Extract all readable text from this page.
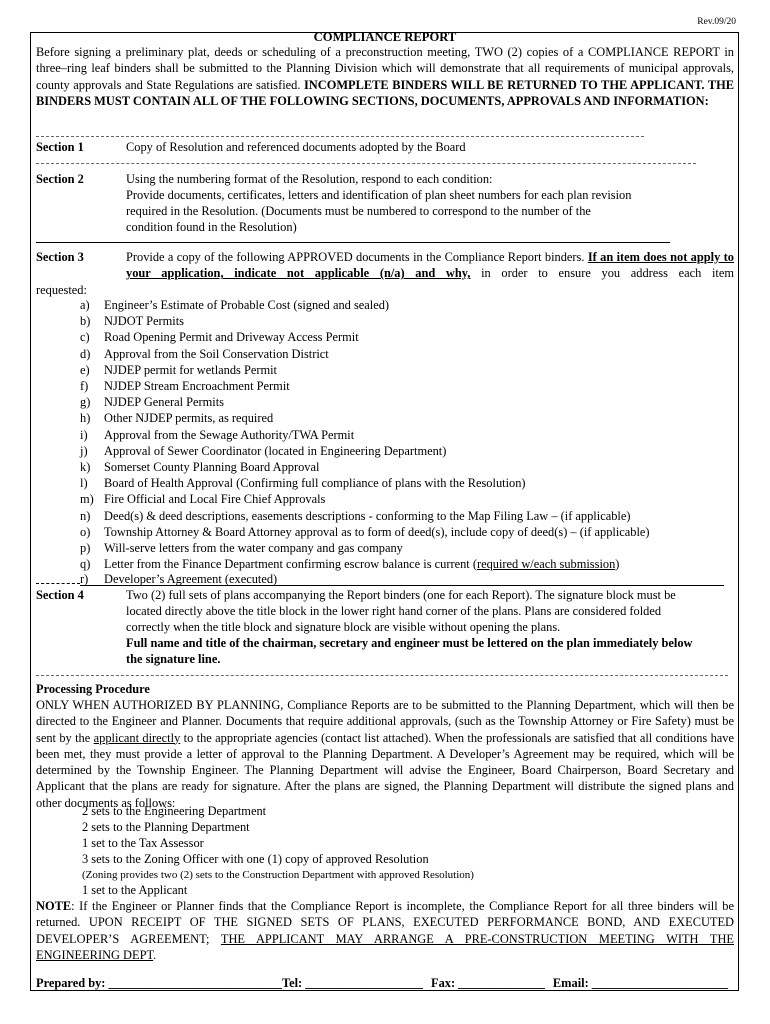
Rev.09/20
COMPLIANCE REPORT
Before signing a preliminary plat, deeds or scheduling of a preconstruction meeting, TWO (2) copies of a COMPLIANCE REPORT in three–ring leaf binders shall be submitted to the Planning Division which will demonstrate that all requirements of municipal approvals, county approvals and State Regulations are satisfied. INCOMPLETE BINDERS WILL BE RETURNED TO THE APPLICANT. THE BINDERS MUST CONTAIN ALL OF THE FOLLOWING SECTIONS, DOCUMENTS, APPROVALS AND INFORMATION:
Section 1	Copy of Resolution and referenced documents adopted by the Board
Section 2	Using the numbering format of the Resolution, respond to each condition:
Provide documents, certificates, letters and identification of plan sheet numbers for each plan revision
required in the Resolution. (Documents must be numbered to correspond to the number of the
condition found in the Resolution)
Section 3	Provide a copy of the following APPROVED documents in the Compliance Report binders. If an item does not apply to your application, indicate not applicable (n/a) and why, in order to ensure you address each item
requested:
a) Engineer’s Estimate of Probable Cost (signed and sealed)
b) NJDOT Permits
c) Road Opening Permit and Driveway Access Permit
d) Approval from the Soil Conservation District
e) NJDEP permit for wetlands Permit
f) NJDEP Stream Encroachment Permit
g) NJDEP General Permits
h) Other NJDEP permits, as required
i) Approval from the Sewage Authority/TWA Permit
j) Approval of Sewer Coordinator (located in Engineering Department)
k) Somerset County Planning Board Approval
l) Board of Health Approval (Confirming full compliance of plans with the Resolution)
m) Fire Official and Local Fire Chief Approvals
n) Deed(s) & deed descriptions, easements descriptions - conforming to the Map Filing Law – (if applicable)
o) Township Attorney & Board Attorney approval as to form of deed(s), include copy of deed(s) – (if applicable)
p) Will-serve letters from the water company and gas company
q) Letter from the Finance Department confirming escrow balance is current (required w/each submission)
r) Developer’s Agreement (executed)
Section 4	Two (2) full sets of plans accompanying the Report binders (one for each Report). The signature block must be
located directly above the title block in the lower right hand corner of the plans. Plans are considered folded
correctly when the title block and signature block are visible without opening the plans.
Full name and title of the chairman, secretary and engineer must be lettered on the plan immediately below
the signature line.
Processing Procedure
ONLY WHEN AUTHORIZED BY PLANNING, Compliance Reports are to be submitted to the Planning Department, which will then be directed to the Engineer and Planner. Documents that require additional approvals, (such as the Township Attorney or Fire Safety) must be sent by the applicant directly to the appropriate agencies (contact list attached). When the professionals are satisfied that all conditions have been met, they must provide a letter of approval to the Planning Department. A Developer’s Agreement may be required, which will be determined by the Township Engineer. The Planning Department will advise the Engineer, Board Chairperson, Board Secretary and Applicant that the plans are ready for signature. After the plans are signed, the Planning Department will distribute the signed plans and other documents as follows:
2 sets to the Engineering Department
2 sets to the Planning Department
1 set to the Tax Assessor
3 sets to the Zoning Officer with one (1) copy of approved Resolution
(Zoning provides two (2) sets to the Construction Department with approved Resolution)
1 set to the Applicant
NOTE: If the Engineer or Planner finds that the Compliance Report is incomplete, the Compliance Report for all three binders will be returned. UPON RECEIPT OF THE SIGNED SETS OF PLANS, EXECUTED PERFORMANCE BOND, AND EXECUTED DEVELOPER’S AGREEMENT; THE APPLICANT MAY ARRANGE A PRE-CONSTRUCTION MEETING WITH THE ENGINEERING DEPT.
Prepared by: ____________________________Tel: ___________________ Fax: ______________ Email: ______________________
